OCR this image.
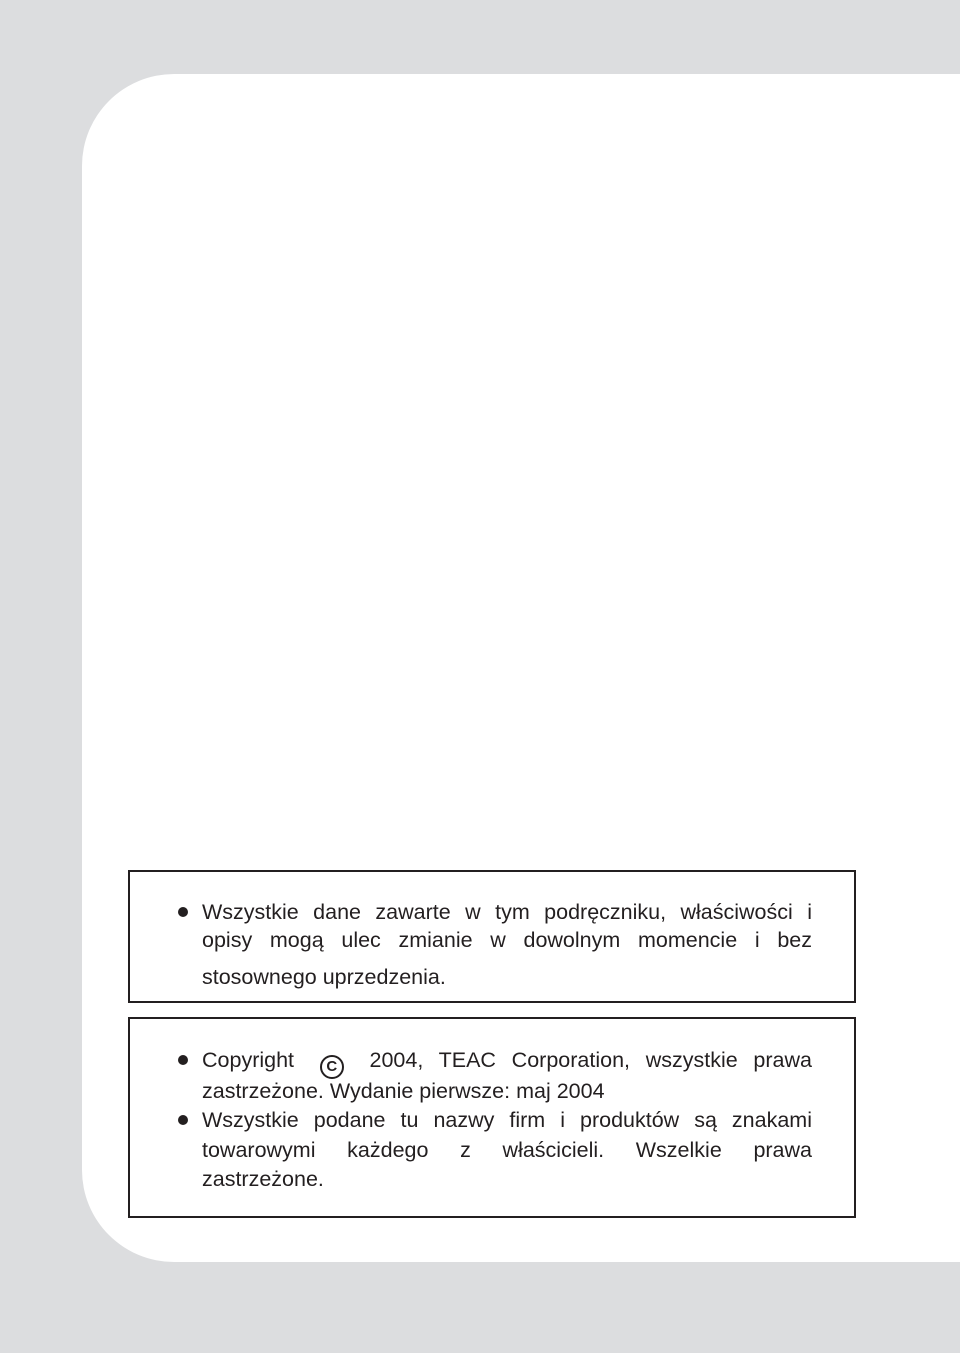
Wszystkie dane zawarte w tym podręczniku, właściwości i
opisy mogą ulec zmianie w dowolnym momencie i bez
stosownego uprzedzenia.
Copyright C 2004, TEAC Corporation, wszystkie prawa
zastrzeżone. Wydanie pierwsze: maj 2004
Wszystkie podane tu nazwy firm i produktów są znakami
towarowymi każdego z właścicieli. Wszelkie prawa
zastrzeżone.
